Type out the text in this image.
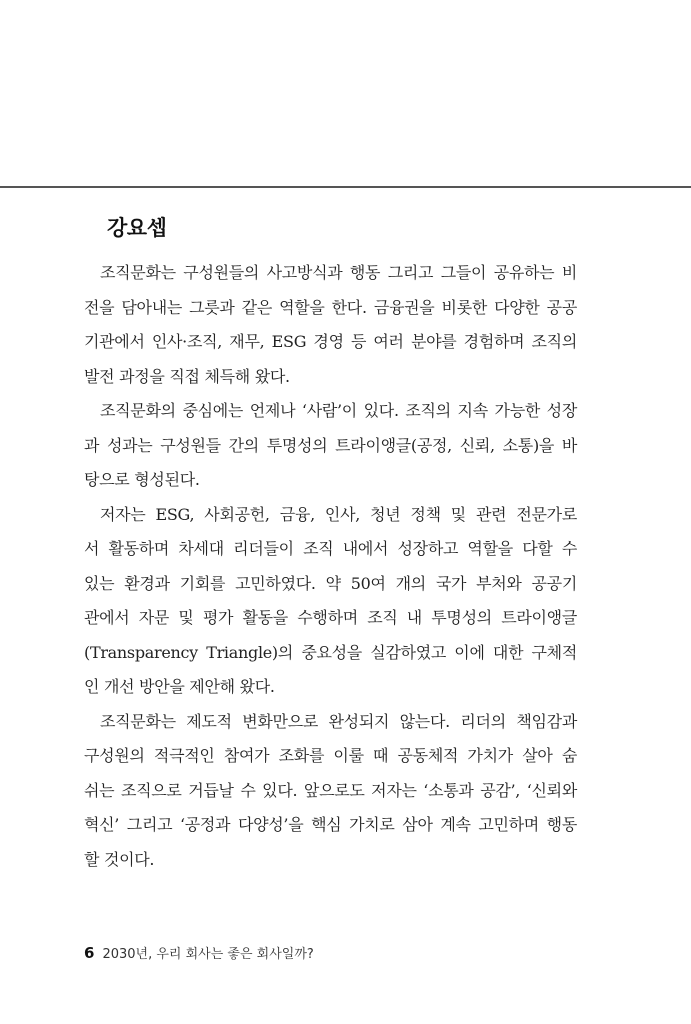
강요셉
조직문화는 구성원들의 사고방식과 행동 그리고 그들이 공유하는 비
전을 담아내는 그릇과 같은 역할을 한다. 금융권을 비롯한 다양한 공공
기관에서 인사·조직, 재무, ESG 경영 등 여러 분야를 경험하며 조직의
발전 과정을 직접 체득해 왔다.
조직문화의 중심에는 언제나 ‘사람’이 있다. 조직의 지속 가능한 성장
과 성과는 구성원들 간의 투명성의 트라이앵글(공정, 신뢰, 소통)을 바
탕으로 형성된다.
저자는 ESG, 사회공헌, 금융, 인사, 청년 정책 및 관련 전문가로
서 활동하며 차세대 리더들이 조직 내에서 성장하고 역할을 다할 수
있는 환경과 기회를 고민하였다. 약 50여 개의 국가 부처와 공공기
관에서 자문 및 평가 활동을 수행하며 조직 내 투명성의 트라이앵글
(Transparency Triangle)의 중요성을 실감하였고 이에 대한 구체적
인 개선 방안을 제안해 왔다.
조직문화는 제도적 변화만으로 완성되지 않는다. 리더의 책임감과
구성원의 적극적인 참여가 조화를 이룰 때 공동체적 가치가 살아 숨
쉬는 조직으로 거듭날 수 있다. 앞으로도 저자는 ‘소통과 공감’, ‘신뢰와
혁신’ 그리고 ‘공정과 다양성’을 핵심 가치로 삼아 계속 고민하며 행동
할 것이다.
6 2030년, 우리 회사는 좋은 회사일까?
